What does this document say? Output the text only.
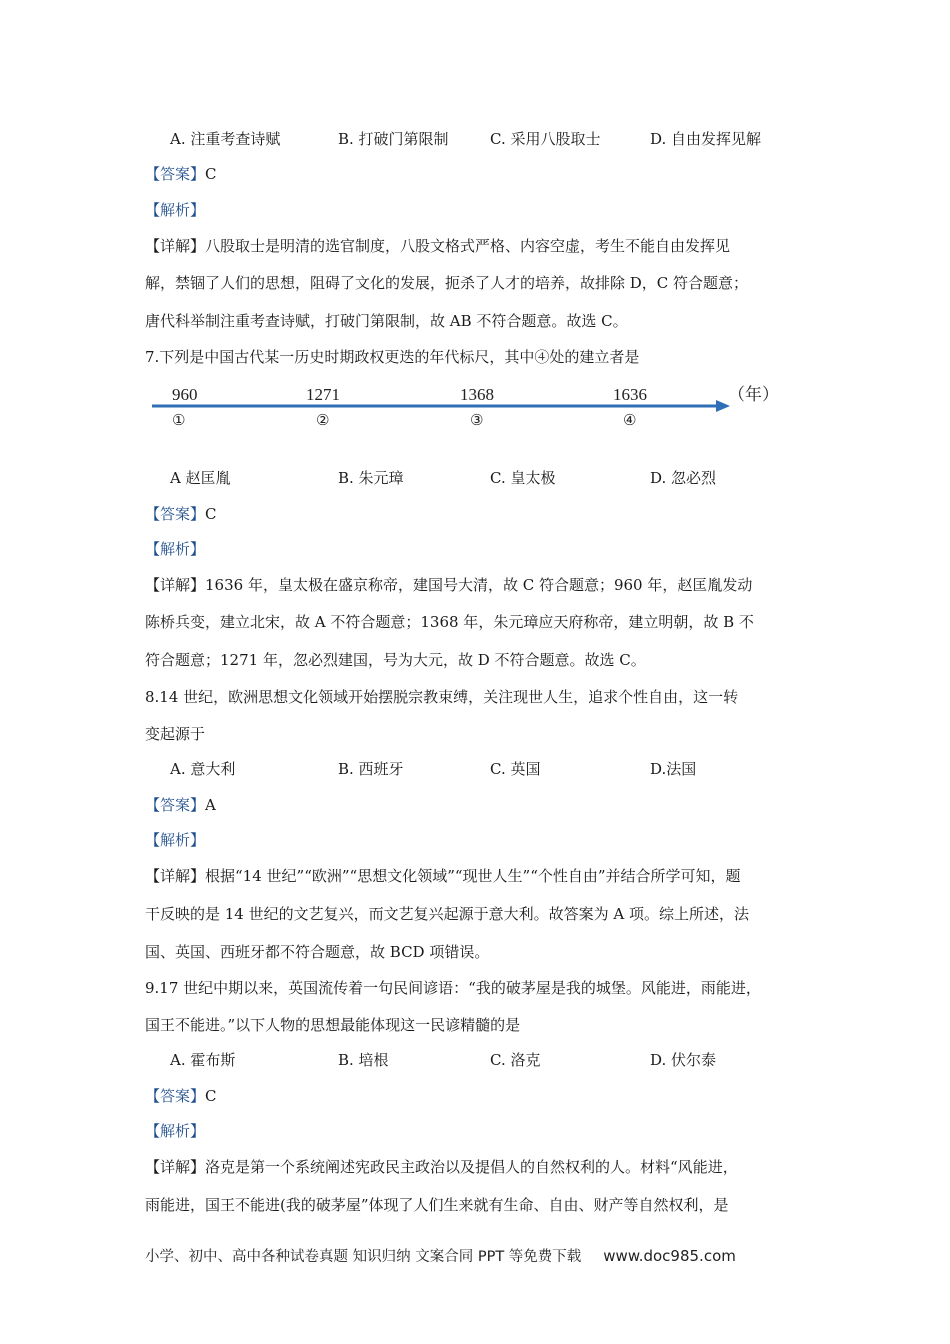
A. 注重考查诗赋	B. 打破门第限制	C. 采用八股取士	D. 自由发挥见解
【答案】C
【解析】
【详解】八股取士是明清的选官制度，八股文格式严格、内容空虚，考生不能自由发挥见
解，禁锢了人们的思想，阻碍了文化的发展，扼杀了人才的培养，故排除 D，C 符合题意；
唐代科举制注重考查诗赋，打破门第限制，故 AB 不符合题意。故选 C。
7.下列是中国古代某一历史时期政权更迭的年代标尺，其中④处的建立者是
960	1271	1368	1636	（年）
①	②	③	④
A 赵匡胤	B. 朱元璋	C. 皇太极	D. 忽必烈
【答案】C
【解析】
【详解】1636 年，皇太极在盛京称帝，建国号大清，故 C 符合题意；960 年，赵匡胤发动
陈桥兵变，建立北宋，故 A 不符合题意；1368 年，朱元璋应天府称帝，建立明朝，故 B 不
符合题意；1271 年，忽必烈建国，号为大元，故 D 不符合题意。故选 C。
8.14 世纪，欧洲思想文化领域开始摆脱宗教束缚，关注现世人生，追求个性自由，这一转
变起源于
A. 意大利	B. 西班牙	C. 英国	D.法国
【答案】A
【解析】
【详解】根据“14 世纪”“欧洲”“思想文化领域”“现世人生”“个性自由”并结合所学可知，题
干反映的是 14 世纪的文艺复兴，而文艺复兴起源于意大利。故答案为 A 项。综上所述，法
国、英国、西班牙都不符合题意，故 BCD 项错误。
9.17 世纪中期以来，英国流传着一句民间谚语：“我的破茅屋是我的城堡。风能进，雨能进，
国王不能进。”以下人物的思想最能体现这一民谚精髓的是
A. 霍布斯	B. 培根	C. 洛克	D. 伏尔泰
【答案】C
【解析】
【详解】洛克是第一个系统阐述宪政民主政治以及提倡人的自然权利的人。材料“风能进，
雨能进，国王不能进(我的破茅屋”体现了人们生来就有生命、自由、财产等自然权利，是
小学、初中、高中各种试卷真题 知识归纳 文案合同 PPT 等免费下载 www.doc985.com
